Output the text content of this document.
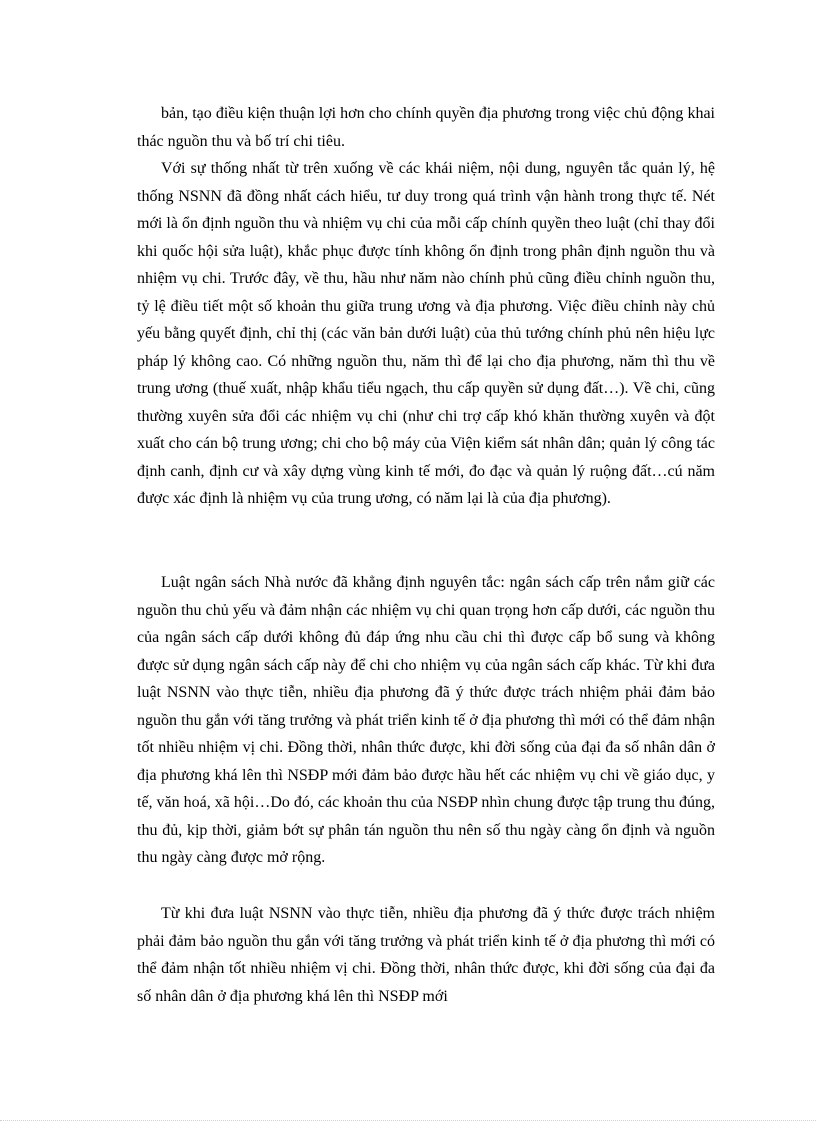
bản, tạo điều kiện thuận lợi hơn cho chính quyền địa phương trong việc chủ động khai thác nguồn thu và bố trí chi tiêu.

Với sự thống nhất từ trên xuống về các khái niệm, nội dung, nguyên tắc quản lý, hệ thống NSNN đã đồng nhất cách hiểu, tư duy trong quá trình vận hành trong thực tế. Nét mới là ổn định nguồn thu và nhiệm vụ chi của mỗi cấp chính quyền theo luật (chỉ thay đổi khi quốc hội sửa luật), khắc phục được tính không ổn định trong phân định nguồn thu và nhiệm vụ chi. Trước đây, về thu, hầu như năm nào chính phủ cũng điều chỉnh nguồn thu, tỷ lệ điều tiết một số khoản thu giữa trung ương và địa phương. Việc điều chỉnh này chủ yếu bằng quyết định, chỉ thị (các văn bản dưới luật) của thủ tướng chính phủ nên hiệu lực pháp lý không cao. Có những nguồn thu, năm thì để lại cho địa phương, năm thì thu về trung ương (thuế xuất, nhập khẩu tiểu ngạch, thu cấp quyền sử dụng đất…). Về chi, cũng thường xuyên sửa đổi các nhiệm vụ chi (như chi trợ cấp khó khăn thường xuyên và đột xuất cho cán bộ trung ương; chi cho bộ máy của Viện kiểm sát nhân dân; quản lý công tác định canh, định cư và xây dựng vùng kinh tế mới, đo đạc và quản lý ruộng đất…cú năm được xác định là nhiệm vụ của trung ương, có năm lại là của địa phương).

Luật ngân sách Nhà nước đã khẳng định nguyên tắc: ngân sách cấp trên nắm giữ các nguồn thu chủ yếu và đảm nhận các nhiệm vụ chi quan trọng hơn cấp dưới, các nguồn thu của ngân sách cấp dưới không đủ đáp ứng nhu cầu chi thì được cấp bổ sung và không được sử dụng ngân sách cấp này để chi cho nhiệm vụ của ngân sách cấp khác. Từ khi đưa luật NSNN vào thực tiễn, nhiều địa phương đã ý thức được trách nhiệm phải đảm bảo nguồn thu gắn với tăng trưởng và phát triển kinh tế ở địa phương thì mới có thể đảm nhận tốt nhiều nhiệm vị chi. Đồng thời, nhân thức được, khi đời sống của đại đa số nhân dân ở địa phương khá lên thì NSĐP mới đảm bảo được hầu hết các nhiệm vụ chi về giáo dục, y tế, văn hoá, xã hội…Do đó, các khoản thu của NSĐP nhìn chung được tập trung thu đúng, thu đủ, kịp thời, giảm bớt sự phân tán nguồn thu nên số thu ngày càng ổn định và nguồn thu ngày càng được mở rộng.

Từ khi đưa luật NSNN vào thực tiễn, nhiều địa phương đã ý thức được trách nhiệm phải đảm bảo nguồn thu gắn với tăng trưởng và phát triển kinh tế ở địa phương thì mới có thể đảm nhận tốt nhiều nhiệm vị chi. Đồng thời, nhân thức được, khi đời sống của đại đa số nhân dân ở địa phương khá lên thì NSĐP mới
